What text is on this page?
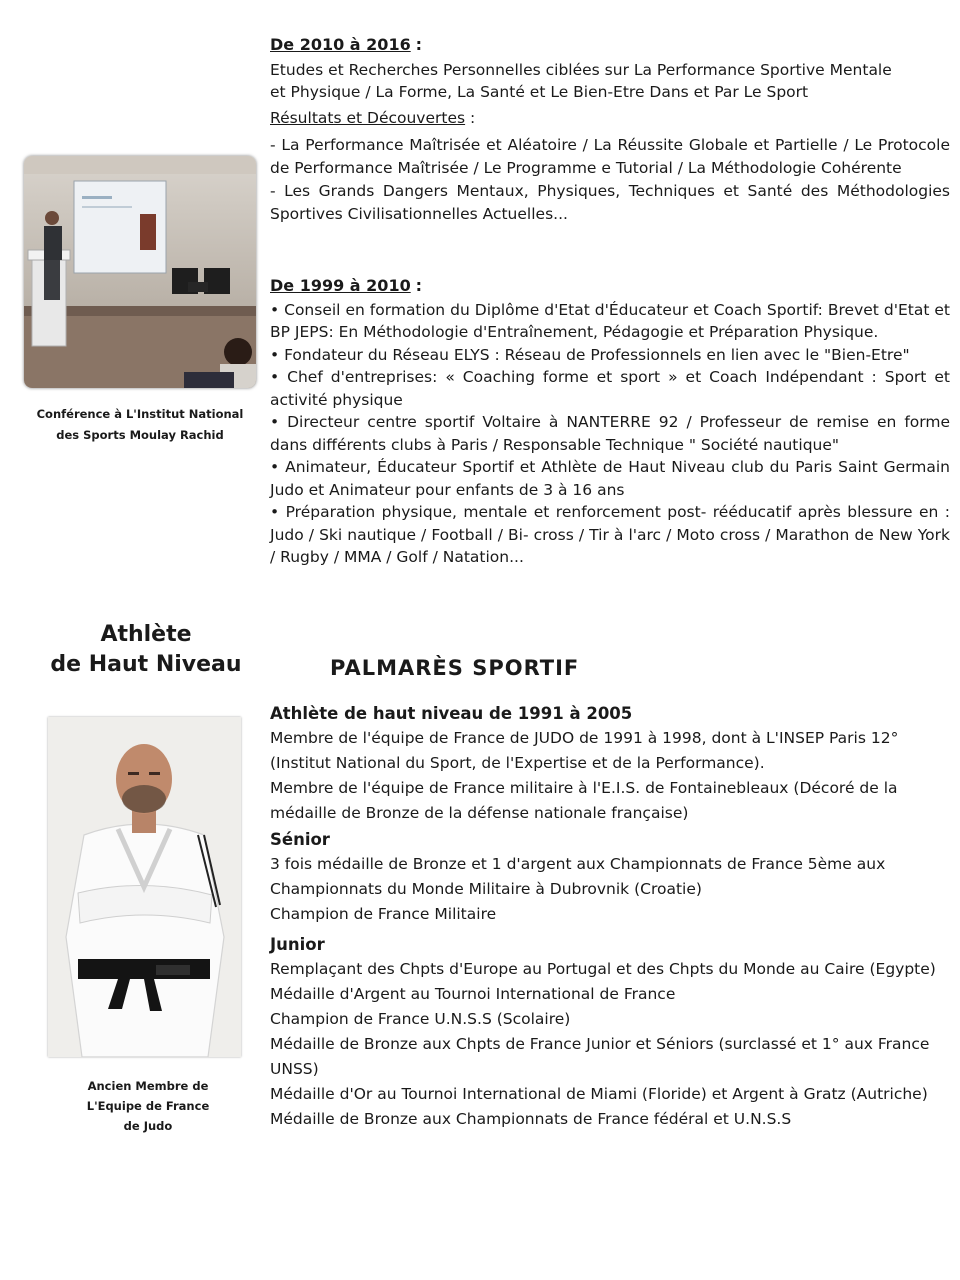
De 2010 à 2016 :

Etudes et Recherches Personnelles ciblées sur La Performance Sportive Mentale

et Physique / La Forme, La Santé et Le Bien-Etre Dans et Par Le Sport

Résultats et Découvertes :

- La Performance Maîtrisée et Aléatoire / La Réussite Globale et Partielle / Le Protocole de Performance Maîtrisée / Le Programme e Tutorial / La Méthodologie Cohérente

- Les Grands Dangers Mentaux, Physiques, Techniques et Santé des Méthodologies Sportives Civilisationnelles Actuelles...

De 1999 à 2010 :

• Conseil en formation du Diplôme d'Etat d'Éducateur et Coach Sportif: Brevet d'Etat et BP JEPS: En Méthodologie d'Entraînement, Pédagogie et Préparation Physique.

• Fondateur du Réseau ELYS : Réseau de Professionnels en lien avec le "Bien-Etre"

• Chef d'entreprises: « Coaching forme et sport » et Coach Indépendant : Sport et activité physique

• Directeur centre sportif Voltaire à NANTERRE 92 / Professeur de remise en forme dans différents clubs à Paris / Responsable Technique " Société nautique"

• Animateur, Éducateur Sportif et Athlète de Haut Niveau club du Paris Saint Germain Judo et Animateur pour enfants de 3 à 16 ans

• Préparation physique, mentale et renforcement post- rééducatif après blessure en : Judo / Ski nautique / Football / Bi- cross / Tir à l'arc / Moto cross / Marathon de New York / Rugby / MMA / Golf / Natation...

Conférence à L'Institut National
des Sports Moulay Rachid
Athlète
de Haut Niveau
Ancien Membre de
L'Equipe de France
de Judo
PALMARÈS SPORTIF
Athlète de haut niveau de 1991 à 2005

Membre de l'équipe de France de JUDO de 1991 à 1998, dont à L'INSEP Paris 12°(Institut National du Sport, de l'Expertise et de la Performance).

Membre de l'équipe de France militaire à l'E.I.S. de Fontainebleaux (Décoré de la médaille de Bronze de la défense nationale française)

Sénior

3 fois médaille de Bronze et 1 d'argent aux Championnats de France 5ème aux Championnats du Monde Militaire à Dubrovnik (Croatie)

Champion de France Militaire

Junior

Remplaçant des Chpts d'Europe au Portugal et des Chpts du Monde au Caire (Egypte)

Médaille d'Argent au Tournoi International de France

Champion de France U.N.S.S (Scolaire)

Médaille de Bronze aux Chpts de France Junior et Séniors (surclassé et 1° aux France UNSS)

Médaille d'Or au Tournoi International de Miami (Floride) et Argent à Gratz (Autriche)

Médaille de Bronze aux Championnats de France fédéral et U.N.S.S
